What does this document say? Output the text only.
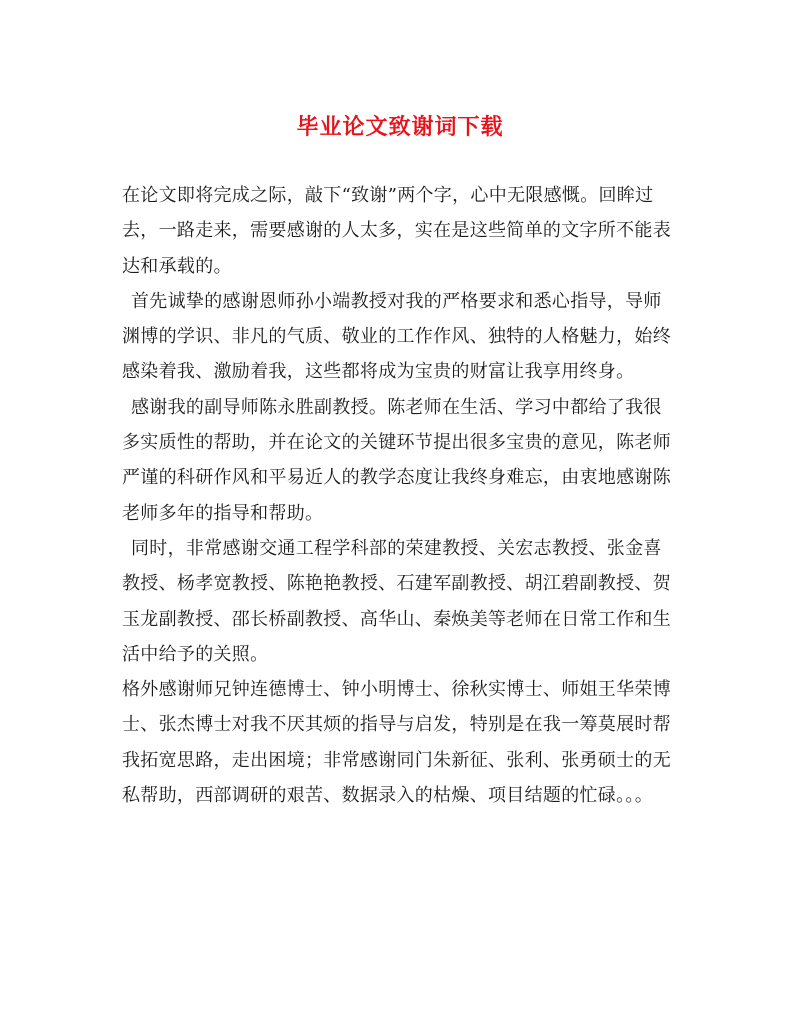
毕业论文致谢词下载
在论文即将完成之际，敲下“致谢”两个字，心中无限感慨。回眸过
去，一路走来，需要感谢的人太多，实在是这些简单的文字所不能表
达和承载的。
首先诚挚的感谢恩师孙小端教授对我的严格要求和悉心指导，导师
渊博的学识、非凡的气质、敬业的工作作风、独特的人格魅力，始终
感染着我、激励着我，这些都将成为宝贵的财富让我享用终身。
感谢我的副导师陈永胜副教授。陈老师在生活、学习中都给了我很
多实质性的帮助，并在论文的关键环节提出很多宝贵的意见，陈老师
严谨的科研作风和平易近人的教学态度让我终身难忘，由衷地感谢陈
老师多年的指导和帮助。
同时，非常感谢交通工程学科部的荣建教授、关宏志教授、张金喜
教授、杨孝宽教授、陈艳艳教授、石建军副教授、胡江碧副教授、贺
玉龙副教授、邵长桥副教授、高华山、秦焕美等老师在日常工作和生
活中给予的关照。
格外感谢师兄钟连德博士、钟小明博士、徐秋实博士、师姐王华荣博
士、张杰博士对我不厌其烦的指导与启发，特别是在我一筹莫展时帮
我拓宽思路，走出困境；非常感谢同门朱新征、张利、张勇硕士的无
私帮助，西部调研的艰苦、数据录入的枯燥、项目结题的忙碌。。。
